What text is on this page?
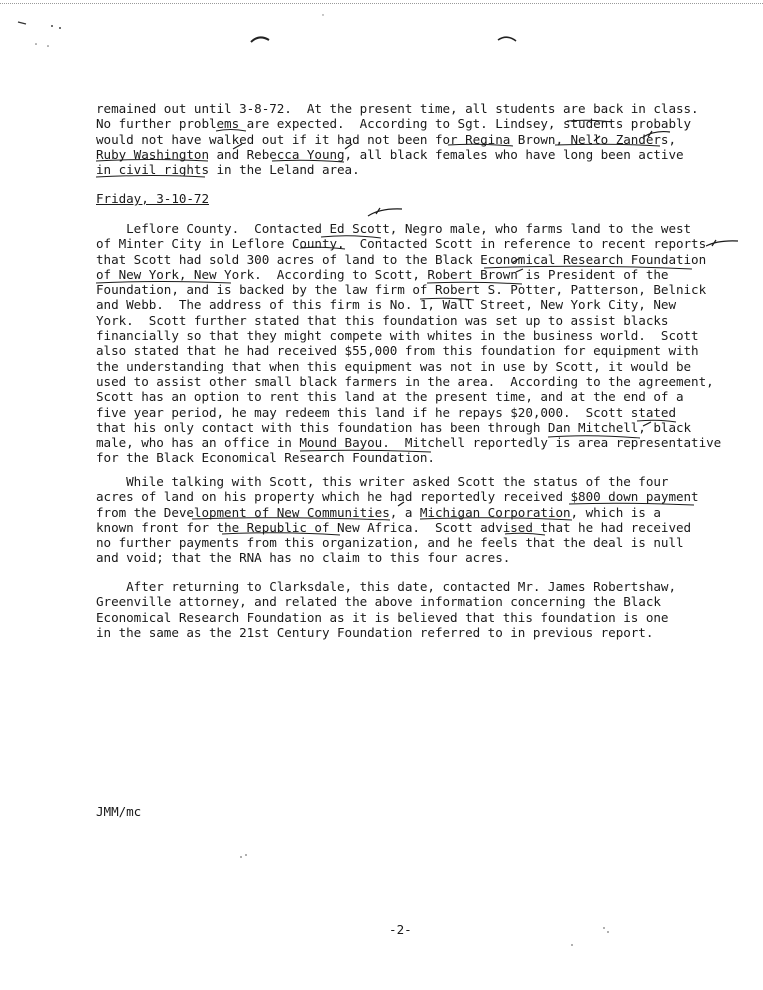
remained out until 3-8-72.  At the present time, all students are back in class.
No further problems are expected.  According to Sgt. Lindsey, students probably
would not have walked out if it had not been for Regina Brown, Nello Zanders,
Ruby Washington and Rebecca Young, all black females who have long been active
in civil rights in the Leland area.
Friday, 3-10-72
Leflore County.  Contacted Ed Scott, Negro male, who farms land to the west
of Minter City in Leflore County.  Contacted Scott in reference to recent reports
that Scott had sold 300 acres of land to the Black Economical Research Foundation
of New York, New York.  According to Scott, Robert Brown is President of the
Foundation, and is backed by the law firm of Robert S. Potter, Patterson, Belnick
and Webb.  The address of this firm is No. 1, Wall Street, New York City, New
York.  Scott further stated that this foundation was set up to assist blacks
financially so that they might compete with whites in the business world.  Scott
also stated that he had received $55,000 from this foundation for equipment with
the understanding that when this equipment was not in use by Scott, it would be
used to assist other small black farmers in the area.  According to the agreement,
Scott has an option to rent this land at the present time, and at the end of a
five year period, he may redeem this land if he repays $20,000.  Scott stated
that his only contact with this foundation has been through Dan Mitchell, black
male, who has an office in Mound Bayou.  Mitchell reportedly is area representative
for the Black Economical Research Foundation.
While talking with Scott, this writer asked Scott the status of the four
acres of land on his property which he had reportedly received $800 down payment
from the Development of New Communities, a Michigan Corporation, which is a
known front for the Republic of New Africa.  Scott advised that he had received
no further payments from this organization, and he feels that the deal is null
and void; that the RNA has no claim to this four acres.
After returning to Clarksdale, this date, contacted Mr. James Robertshaw,
Greenville attorney, and related the above information concerning the Black
Economical Research Foundation as it is believed that this foundation is one
in the same as the 21st Century Foundation referred to in previous report.
JMM/mc
-2-
